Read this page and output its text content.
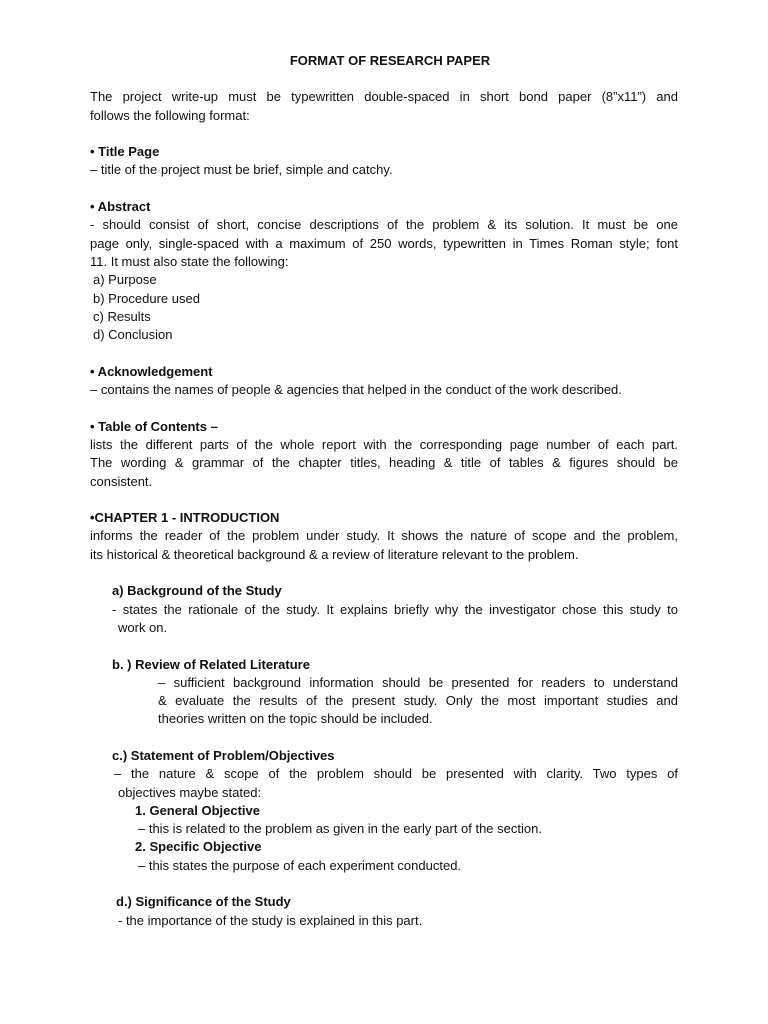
FORMAT OF RESEARCH PAPER

The project write-up must be typewritten double-spaced in short bond paper (8”x11”) and

follows the following format:

• Title Page

– title of the project must be brief, simple and catchy.

• Abstract

- should consist of short, concise descriptions of the problem & its solution. It must be one

page only, single-spaced with a maximum of 250 words, typewritten in Times Roman style; font

11. It must also state the following:

a) Purpose

b) Procedure used

c) Results

d) Conclusion

• Acknowledgement

– contains the names of people & agencies that helped in the conduct of the work described.

• Table of Contents –

lists the different parts of the whole report with the corresponding page number of each part.

The wording & grammar of the chapter titles, heading & title of tables & figures should be

consistent.

•CHAPTER 1 - INTRODUCTION

informs the reader of the problem under study. It shows the nature of scope and the problem,

its historical & theoretical background & a review of literature relevant to the problem.

a) Background of the Study

- states the rationale of the study. It explains briefly why the investigator chose this study to

work on.

b. ) Review of Related Literature

– sufficient background information should be presented for readers to understand

& evaluate the results of the present study. Only the most important studies and

theories written on the topic should be included.

c.) Statement of Problem/Objectives

– the nature & scope of the problem should be presented with clarity. Two types of

objectives maybe stated:

1. General Objective

– this is related to the problem as given in the early part of the section.

2. Specific Objective

– this states the purpose of each experiment conducted.

d.) Significance of the Study

- the importance of the study is explained in this part.
